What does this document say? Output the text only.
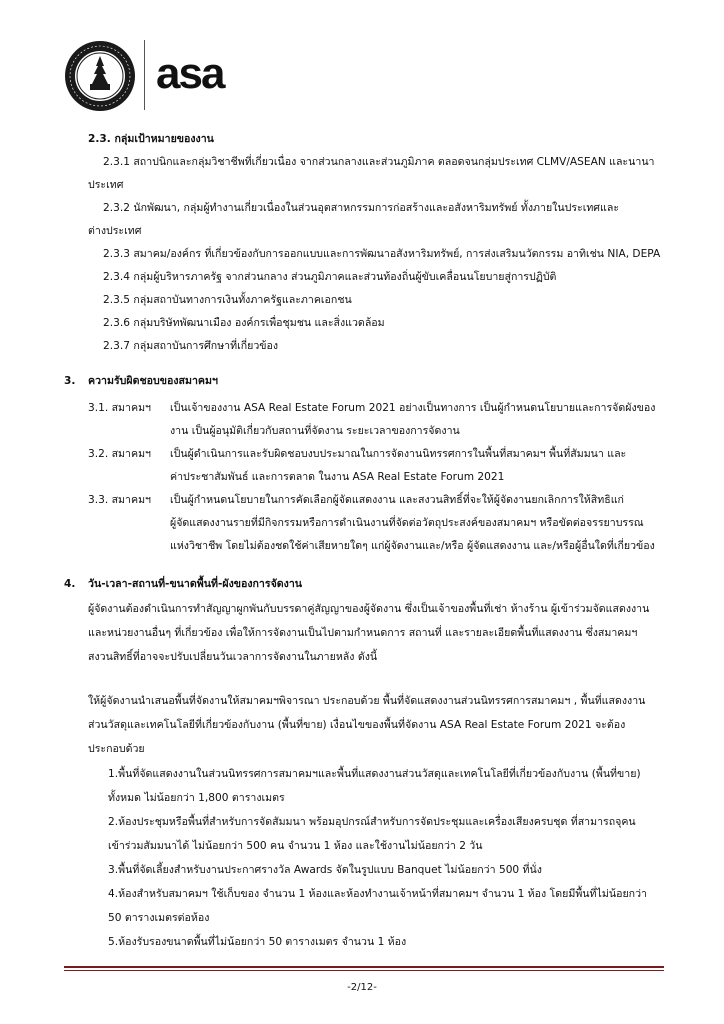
asa
2.3. กลุ่มเป้าหมายของงาน
2.3.1 สถาปนิกและกลุ่มวิชาชีพที่เกี่ยวเนื่อง จากส่วนกลางและส่วนภูมิภาค ตลอดจนกลุ่มประเทศ CLMV/ASEAN และนานา
ประเทศ
2.3.2 นักพัฒนา, กลุ่มผู้ทำงานเกี่ยวเนื่องในส่วนอุตสาหกรรมการก่อสร้างและอสังหาริมทรัพย์ ทั้งภายในประเทศและ
ต่างประเทศ
2.3.3 สมาคม/องค์กร ที่เกี่ยวข้องกับการออกแบบและการพัฒนาอสังหาริมทรัพย์, การส่งเสริมนวัตกรรม อาทิเช่น NIA, DEPA
2.3.4 กลุ่มผู้บริหารภาครัฐ จากส่วนกลาง ส่วนภูมิภาคและส่วนท้องถิ่นผู้ขับเคลื่อนนโยบายสู่การปฏิบัติ
2.3.5 กลุ่มสถาบันทางการเงินทั้งภาครัฐและภาคเอกชน
2.3.6 กลุ่มบริษัทพัฒนาเมือง องค์กรเพื่อชุมชน และสิ่งแวดล้อม
2.3.7 กลุ่มสถาบันการศึกษาที่เกี่ยวข้อง
3. ความรับผิดชอบของสมาคมฯ
3.1. สมาคมฯ เป็นเจ้าของงาน ASA Real Estate Forum 2021 อย่างเป็นทางการ เป็นผู้กำหนดนโยบายและการจัดผังของ
งาน เป็นผู้อนุมัติเกี่ยวกับสถานที่จัดงาน ระยะเวลาของการจัดงาน
3.2. สมาคมฯ เป็นผู้ดำเนินการและรับผิดชอบงบประมาณในการจัดงานนิทรรศการในพื้นที่สมาคมฯ พื้นที่สัมมนา และ
ค่าประชาสัมพันธ์ และการตลาด ในงาน ASA Real Estate Forum 2021
3.3. สมาคมฯ เป็นผู้กำหนดนโยบายในการคัดเลือกผู้จัดแสดงงาน และสงวนสิทธิ์ที่จะให้ผู้จัดงานยกเลิกการให้สิทธิแก่
ผู้จัดแสดงงานรายที่มีกิจกรรมหรือการดำเนินงานที่จัดต่อวัตถุประสงค์ของสมาคมฯ หรือขัดต่อจรรยาบรรณ
แห่งวิชาชีพ โดยไม่ต้องชดใช้ค่าเสียหายใดๆ แก่ผู้จัดงานและ/หรือ ผู้จัดแสดงงาน และ/หรือผู้อื่นใดที่เกี่ยวข้อง
4. วัน-เวลา-สถานที่-ขนาดพื้นที่-ผังของการจัดงาน
ผู้จัดงานต้องดำเนินการทำสัญญาผูกพันกับบรรดาคู่สัญญาของผู้จัดงาน ซึ่งเป็นเจ้าของพื้นที่เช่า ห้างร้าน ผู้เข้าร่วมจัดแสดงงาน
และหน่วยงานอื่นๆ ที่เกี่ยวข้อง เพื่อให้การจัดงานเป็นไปตามกำหนดการ สถานที่ และรายละเอียดพื้นที่แสดงงาน ซึ่งสมาคมฯ
สงวนสิทธิ์ที่อาจจะปรับเปลี่ยนวันเวลาการจัดงานในภายหลัง ดังนี้
ให้ผู้จัดงานนำเสนอพื้นที่จัดงานให้สมาคมฯพิจารณา ประกอบด้วย พื้นที่จัดแสดงงานส่วนนิทรรศการสมาคมฯ , พื้นที่แสดงงาน
ส่วนวัสดุและเทคโนโลยีที่เกี่ยวข้องกับงาน (พื้นที่ขาย) เงื่อนไขของพื้นที่จัดงาน ASA Real Estate Forum 2021 จะต้อง
ประกอบด้วย
1.พื้นที่จัดแสดงงานในส่วนนิทรรศการสมาคมฯและพื้นที่แสดงงานส่วนวัสดุและเทคโนโลยีที่เกี่ยวข้องกับงาน (พื้นที่ขาย)
ทั้งหมด ไม่น้อยกว่า 1,800 ตารางเมตร
2.ห้องประชุมหรือพื้นที่สำหรับการจัดสัมมนา พร้อมอุปกรณ์สำหรับการจัดประชุมและเครื่องเสียงครบชุด ที่สามารถจุคน
เข้าร่วมสัมมนาได้ ไม่น้อยกว่า 500 คน จำนวน 1 ห้อง และใช้งานไม่น้อยกว่า 2 วัน
3.พื้นที่จัดเลี้ยงสำหรับงานประกาศรางวัล Awards จัดในรูปแบบ Banquet ไม่น้อยกว่า 500 ที่นั่ง
4.ห้องสำหรับสมาคมฯ ใช้เก็บของ จำนวน 1 ห้องและห้องทำงานเจ้าหน้าที่สมาคมฯ จำนวน 1 ห้อง โดยมีพื้นที่ไม่น้อยกว่า
50 ตารางเมตรต่อห้อง
5.ห้องรับรองขนาดพื้นที่ไม่น้อยกว่า 50 ตารางเมตร จำนวน 1 ห้อง
-2/12-
